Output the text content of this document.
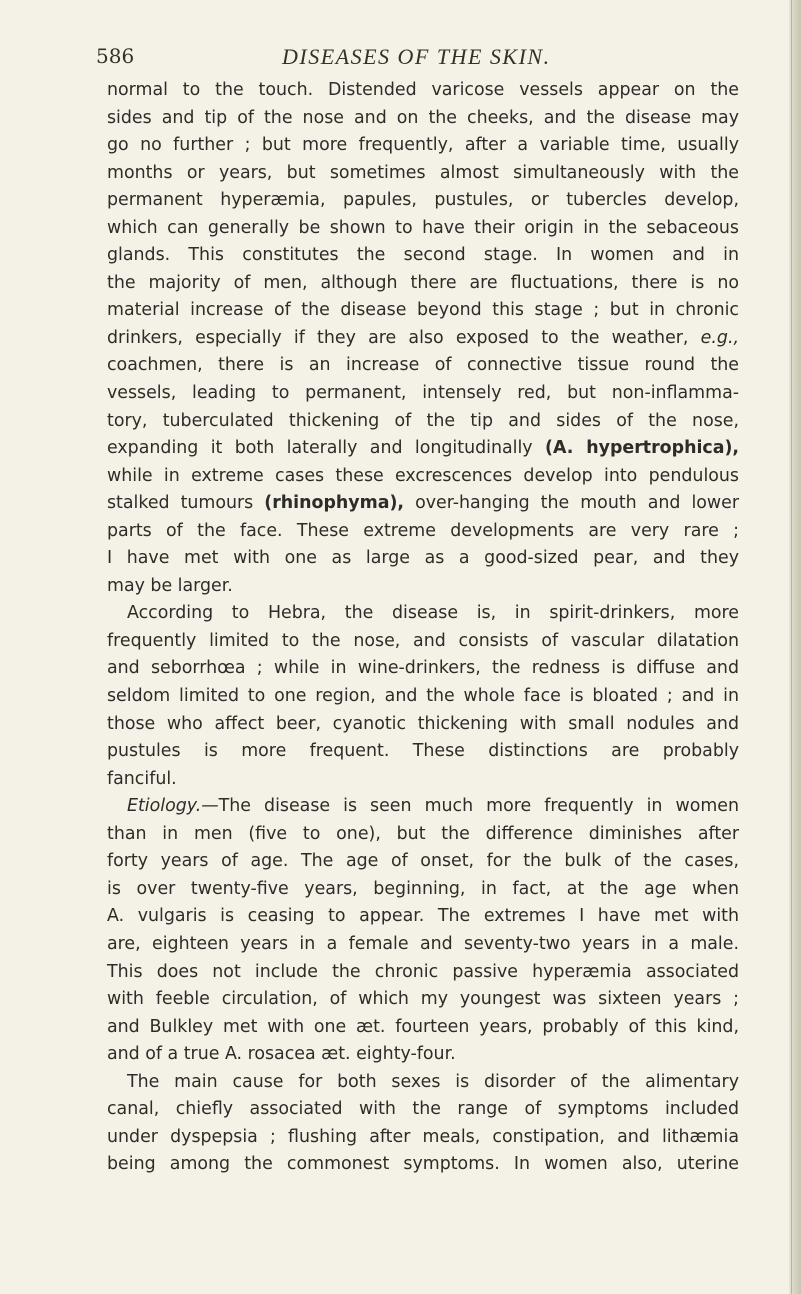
586	DISEASES OF THE SKIN.
normal to the touch. Distended varicose vessels appear on the
sides and tip of the nose and on the cheeks, and the disease may
go no further ; but more frequently, after a variable time, usually
months or years, but sometimes almost simultaneously with the
permanent hyperæmia, papules, pustules, or tubercles develop,
which can generally be shown to have their origin in the sebaceous
glands. This constitutes the second stage. In women and in
the majority of men, although there are fluctuations, there is no
material increase of the disease beyond this stage ; but in chronic
drinkers, especially if they are also exposed to the weather, e.g.,
coachmen, there is an increase of connective tissue round the
vessels, leading to permanent, intensely red, but non-inflamma-
tory, tuberculated thickening of the tip and sides of the nose,
expanding it both laterally and longitudinally (A. hypertrophica),
while in extreme cases these excrescences develop into pendulous
stalked tumours (rhinophyma), over-hanging the mouth and lower
parts of the face. These extreme developments are very rare ;
I have met with one as large as a good-sized pear, and they
may be larger.
According to Hebra, the disease is, in spirit-drinkers, more
frequently limited to the nose, and consists of vascular dilatation
and seborrhœa ; while in wine-drinkers, the redness is diffuse and
seldom limited to one region, and the whole face is bloated ; and in
those who affect beer, cyanotic thickening with small nodules and
pustules is more frequent. These distinctions are probably
fanciful.
Etiology.—The disease is seen much more frequently in women
than in men (five to one), but the difference diminishes after
forty years of age. The age of onset, for the bulk of the cases,
is over twenty-five years, beginning, in fact, at the age when
A. vulgaris is ceasing to appear. The extremes I have met with
are, eighteen years in a female and seventy-two years in a male.
This does not include the chronic passive hyperæmia associated
with feeble circulation, of which my youngest was sixteen years ;
and Bulkley met with one æt. fourteen years, probably of this kind,
and of a true A. rosacea æt. eighty-four.
The main cause for both sexes is disorder of the alimentary
canal, chiefly associated with the range of symptoms included
under dyspepsia ; flushing after meals, constipation, and lithæmia
being among the commonest symptoms. In women also, uterine
